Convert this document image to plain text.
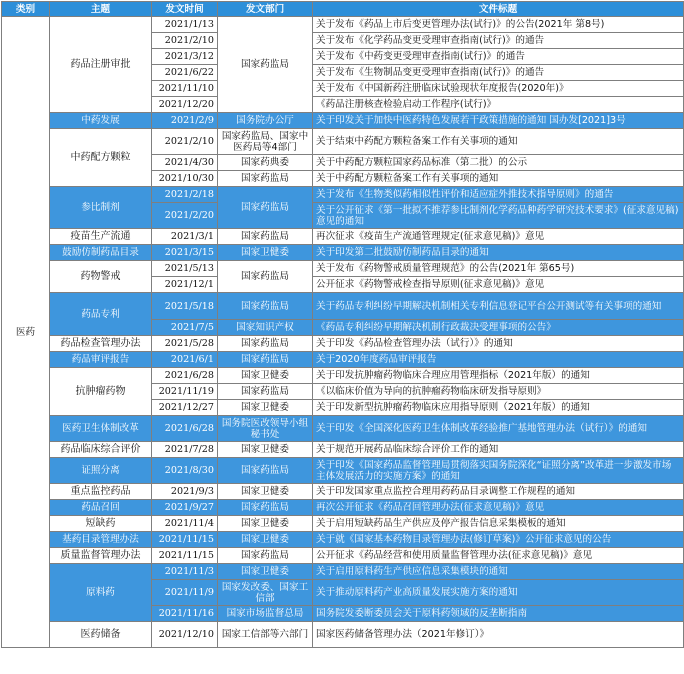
类别	主题	发文时间	发文部门	文件标题
医药	药品注册审批	2021/1/13	国家药监局	关于发布《药品上市后变更管理办法(试行)》的公告(2021年 第8号)
		2021/2/10		关于发布《化学药品变更受理审查指南(试行)》的通告
		2021/3/12		关于发布《中药变更受理审查指南(试行)》的通告
		2021/6/22		关于发布《生物制品变更受理审查指南(试行)》的通告
		2021/11/10		关于发布《中国新药注册临床试验现状年度报告(2020年)》
		2021/12/20		《药品注册核查检验启动工作程序(试行)》
	中药发展	2021/2/9	国务院办公厅	关于印发关于加快中医药特色发展若干政策措施的通知 国办发[2021]3号
	中药配方颗粒	2021/2/10	国家药监局、国家中医药局等4部门	关于结束中药配方颗粒备案工作有关事项的通知
		2021/4/30	国家药典委	关于中药配方颗粒国家药品标准（第二批）的公示
		2021/10/30	国家药监局	关于中药配方颗粒备案工作有关事项的通知
	参比制剂	2021/2/18	国家药监局	关于发布《生物类似药相似性评价和适应症外推技术指导原则》的通告
		2021/2/20		关于公开征求《第一批拟不推荐参比制剂化学药品种药学研究技术要求》(征求意见稿)意见的通知
	疫苗生产流通	2021/3/1	国家药监局	再次征求《疫苗生产流通管理规定(征求意见稿)》意见
	鼓励仿制药品目录	2021/3/15	国家卫健委	关于印发第二批鼓励仿制药品目录的通知
	药物警戒	2021/5/13	国家药监局	关于发布《药物警戒质量管理规范》的公告(2021年 第65号)
		2021/12/1		公开征求《药物警戒检查指导原则(征求意见稿)》意见
	药品专利	2021/5/18	国家药监局	关于药品专利纠纷早期解决机制相关专利信息登记平台公开测试等有关事项的通知
		2021/7/5	国家知识产权	《药品专利纠纷早期解决机制行政裁决受理事项的公告》
	药品检查管理办法	2021/5/28	国家药监局	关于印发《药品检查管理办法（试行）》的通知
	药品审评报告	2021/6/1	国家药监局	关于2020年度药品审评报告
	抗肿瘤药物	2021/6/28	国家卫健委	关于印发抗肿瘤药物临床合理应用管理指标（2021年版）的通知
		2021/11/19	国家药监局	《以临床价值为导向的抗肿瘤药物临床研发指导原则》
		2021/12/27	国家卫健委	关于印发新型抗肿瘤药物临床应用指导原则（2021年版）的通知
	医药卫生体制改革	2021/6/28	国务院医改领导小组秘书处	关于印发《全国深化医药卫生体制改革经验推广基地管理办法（试行）》的通知
	药品临床综合评价	2021/7/28	国家卫健委	关于规范开展药品临床综合评价工作的通知
	证照分离	2021/8/30	国家药监局	关于印发《国家药品监督管理局贯彻落实国务院深化“证照分离”改革进一步激发市场主体发展活力的实施方案》的通知
	重点监控药品	2021/9/3	国家卫健委	关于印发国家重点监控合理用药药品目录调整工作规程的通知
	药品召回	2021/9/27	国家药监局	再次公开征求《药品召回管理办法(征求意见稿)》意见
	短缺药	2021/11/4	国家卫健委	关于启用短缺药品生产供应及停产报告信息采集模板的通知
	基药目录管理办法	2021/11/15	国家卫健委	关于就《国家基本药物目录管理办法(修订草案)》公开征求意见的公告
	质量监督管理办法	2021/11/15	国家药监局	公开征求《药品经营和使用质量监督管理办法(征求意见稿)》意见
	原料药	2021/11/3	国家卫健委	关于启用原料药生产供应信息采集模块的通知
		2021/11/9	国家发改委、国家工信部	关于推动原料药产业高质量发展实施方案的通知
		2021/11/16	国家市场监督总局	国务院发委断委员会关于原料药领域的反垄断指南
	医药储备	2021/12/10	国家工信部等六部门	国家医药储备管理办法（2021年修订）》
